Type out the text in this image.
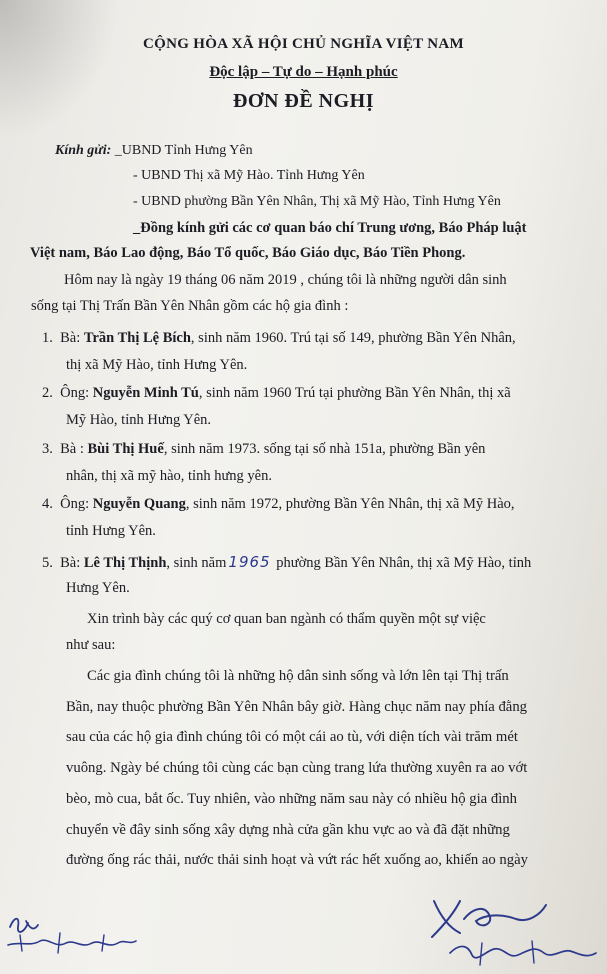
CỘNG HÒA XÃ HỘI CHỦ NGHĨA VIỆT NAM
Độc lập – Tự do – Hạnh phúc
ĐƠN ĐỀ NGHỊ
Kính gửi: _UBND Tỉnh Hưng Yên
- UBND Thị xã Mỹ Hào. Tỉnh Hưng Yên
- UBND phường Bần Yên Nhân, Thị xã Mỹ Hào, Tỉnh Hưng Yên
_Đồng kính gửi các cơ quan báo chí Trung ương, Báo Pháp luật
Việt nam, Báo Lao động, Báo Tổ quốc, Báo Giáo dục, Báo Tiền Phong.
Hôm nay là ngày 19 tháng 06 năm 2019 , chúng tôi là những người dân sinh
sống tại Thị Trấn Bần Yên Nhân gồm các hộ gia đình :
1. Bà: Trần Thị Lệ Bích, sinh năm 1960. Trú tại số 149, phường Bần Yên Nhân,
thị xã Mỹ Hào, tỉnh Hưng Yên.
2. Ông: Nguyễn Minh Tú, sinh năm 1960 Trú tại phường Bần Yên Nhân, thị xã
Mỹ Hào, tỉnh Hưng Yên.
3. Bà : Bùi Thị Huế, sinh năm 1973. sống tại số nhà 151a, phường Bần yên
nhân, thị xã mỹ hào, tỉnh hưng yên.
4. Ông: Nguyễn Quang, sinh năm 1972, phường Bần Yên Nhân, thị xã Mỹ Hào,
tỉnh Hưng Yên.
5. Bà: Lê Thị Thịnh, sinh năm 1965 phường Bần Yên Nhân, thị xã Mỹ Hào, tỉnh
Hưng Yên.
Xin trình bày các quý cơ quan ban ngành có thẩm quyền một sự việc
như sau:
Các gia đình chúng tôi là những hộ dân sinh sống và lớn lên tại Thị trấn
Bần, nay thuộc phường Bần Yên Nhân bây giờ. Hàng chục năm nay phía đằng
sau của các hộ gia đình chúng tôi có một cái ao tù, với diện tích vài trăm mét
vuông. Ngày bé chúng tôi cùng các bạn cùng trang lứa thường xuyên ra ao vớt
bèo, mò cua, bắt ốc. Tuy nhiên, vào những năm sau này có nhiều hộ gia đình
chuyển về đây sinh sống xây dựng nhà cửa gần khu vực ao và đã đặt những
đường ống rác thải, nước thải sinh hoạt và vứt rác hết xuống ao, khiến ao ngày
